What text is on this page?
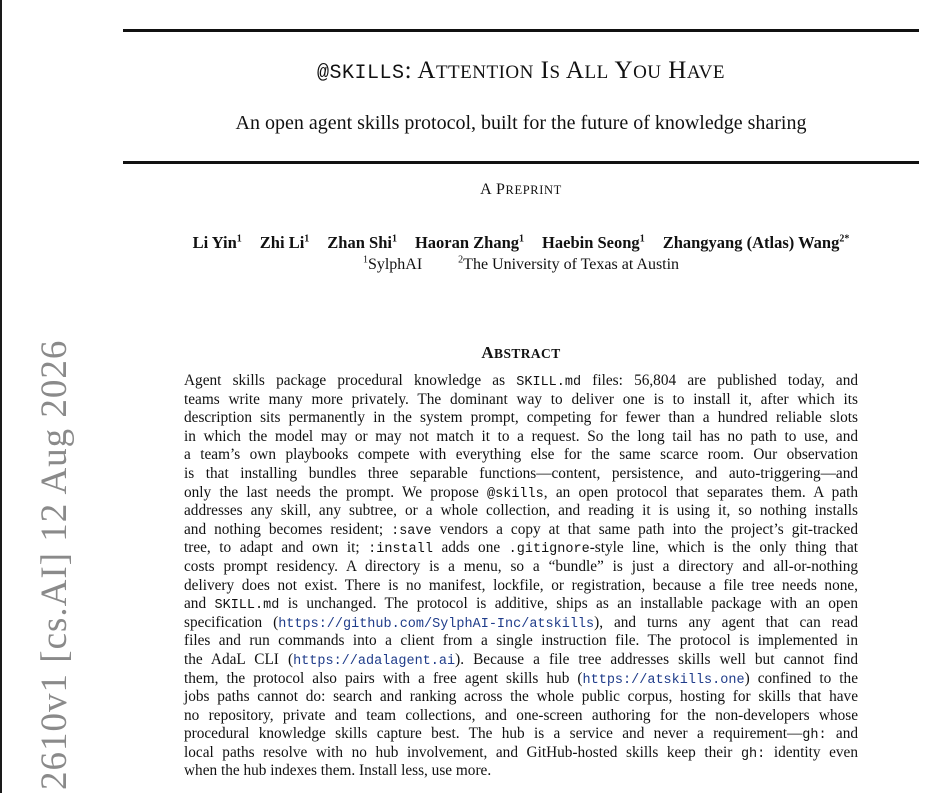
2610v1 [cs.AI] 12 Aug 2026
@SKILLS: ATTENTION IS ALL YOU HAVE
An open agent skills protocol, built for the future of knowledge sharing
A PREPRINT
Li Yin$^1$ Zhi Li$^1$ Zhan Shi$^1$ Haoran Zhang$^1$ Haebin Seong$^1$ Zhangyang (Atlas) Wang$^{2*}$
$^1$SylphAI	$^2$The University of Texas at Austin
ABSTRACT
Agent skills package procedural knowledge as SKILL.md files: 56,804 are published today, and
teams write many more privately. The dominant way to deliver one is to install it, after which its
description sits permanently in the system prompt, competing for fewer than a hundred reliable slots
in which the model may or may not match it to a request. So the long tail has no path to use, and
a team’s own playbooks compete with everything else for the same scarce room. Our observation
is that installing bundles three separable functions—content, persistence, and auto-triggering—and
only the last needs the prompt. We propose @skills, an open protocol that separates them. A path
addresses any skill, any subtree, or a whole collection, and reading it is using it, so nothing installs
and nothing becomes resident; :save vendors a copy at that same path into the project’s git-tracked
tree, to adapt and own it; :install adds one .gitignore-style line, which is the only thing that
costs prompt residency. A directory is a menu, so a “bundle” is just a directory and all-or-nothing
delivery does not exist. There is no manifest, lockfile, or registration, because a file tree needs none,
and SKILL.md is unchanged. The protocol is additive, ships as an installable package with an open
specification (https://github.com/SylphAI-Inc/atskills), and turns any agent that can read
files and run commands into a client from a single instruction file. The protocol is implemented in
the AdaL CLI (https://adalagent.ai). Because a file tree addresses skills well but cannot find
them, the protocol also pairs with a free agent skills hub (https://atskills.one) confined to the
jobs paths cannot do: search and ranking across the whole public corpus, hosting for skills that have
no repository, private and team collections, and one-screen authoring for the non-developers whose
procedural knowledge skills capture best. The hub is a service and never a requirement—gh: and
local paths resolve with no hub involvement, and GitHub-hosted skills keep their gh: identity even
when the hub indexes them. Install less, use more.
